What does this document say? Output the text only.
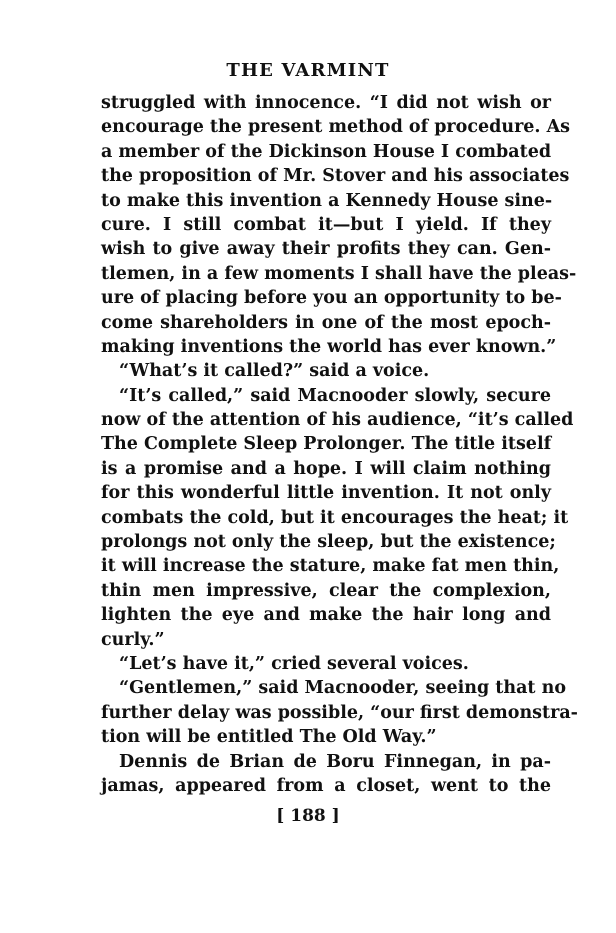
THE VARMINT
struggled with innocence. “I did not wish or
encourage the present method of procedure. As
a member of the Dickinson House I combated
the proposition of Mr. Stover and his associates
to make this invention a Kennedy House sine-
cure. I still combat it—but I yield. If they
wish to give away their profits they can. Gen-
tlemen, in a few moments I shall have the pleas-
ure of placing before you an opportunity to be-
come shareholders in one of the most epoch-
making inventions the world has ever known.”
“What’s it called?” said a voice.
“It’s called,” said Macnooder slowly, secure
now of the attention of his audience, “it’s called
The Complete Sleep Prolonger. The title itself
is a promise and a hope. I will claim nothing
for this wonderful little invention. It not only
combats the cold, but it encourages the heat; it
prolongs not only the sleep, but the existence;
it will increase the stature, make fat men thin,
thin men impressive, clear the complexion,
lighten the eye and make the hair long and
curly.”
“Let’s have it,” cried several voices.
“Gentlemen,” said Macnooder, seeing that no
further delay was possible, “our first demonstra-
tion will be entitled The Old Way.”
Dennis de Brian de Boru Finnegan, in pa-
jamas, appeared from a closet, went to the
[ 188 ]
